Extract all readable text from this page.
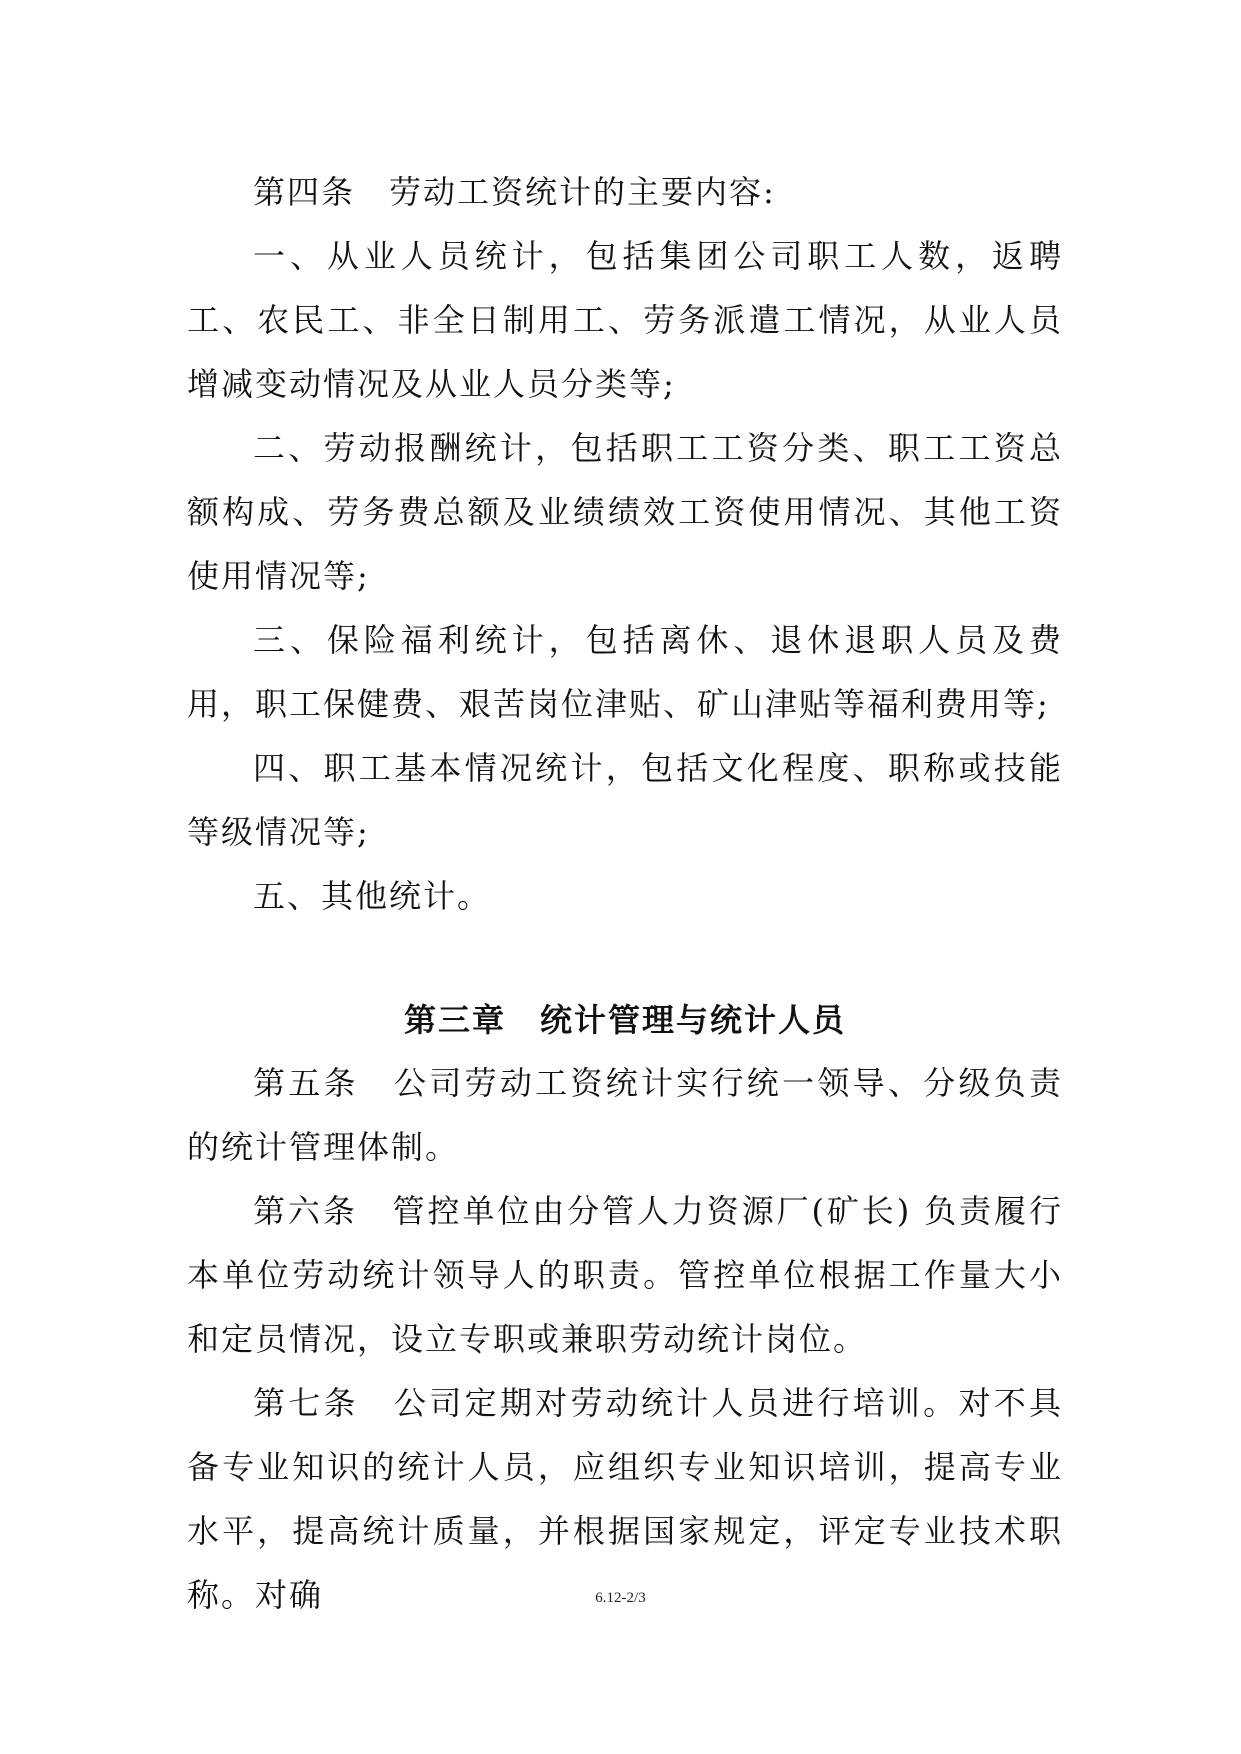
第四条　劳动工资统计的主要内容:

一、从业人员统计，包括集团公司职工人数，返聘工、农民工、非全日制用工、劳务派遣工情况，从业人员增减变动情况及从业人员分类等;

二、劳动报酬统计，包括职工工资分类、职工工资总额构成、劳务费总额及业绩绩效工资使用情况、其他工资使用情况等;

三、保险福利统计，包括离休、退休退职人员及费用，职工保健费、艰苦岗位津贴、矿山津贴等福利费用等;

四、职工基本情况统计，包括文化程度、职称或技能等级情况等;

五、其他统计。

第三章　统计管理与统计人员

第五条　公司劳动工资统计实行统一领导、分级负责的统计管理体制。

第六条　管控单位由分管人力资源厂(矿长) 负责履行本单位劳动统计领导人的职责。管控单位根据工作量大小和定员情况，设立专职或兼职劳动统计岗位。

第七条　公司定期对劳动统计人员进行培训。对不具备专业知识的统计人员，应组织专业知识培训，提高专业水平，提高统计质量，并根据国家规定，评定专业技术职称。对确	6.12-2/3
